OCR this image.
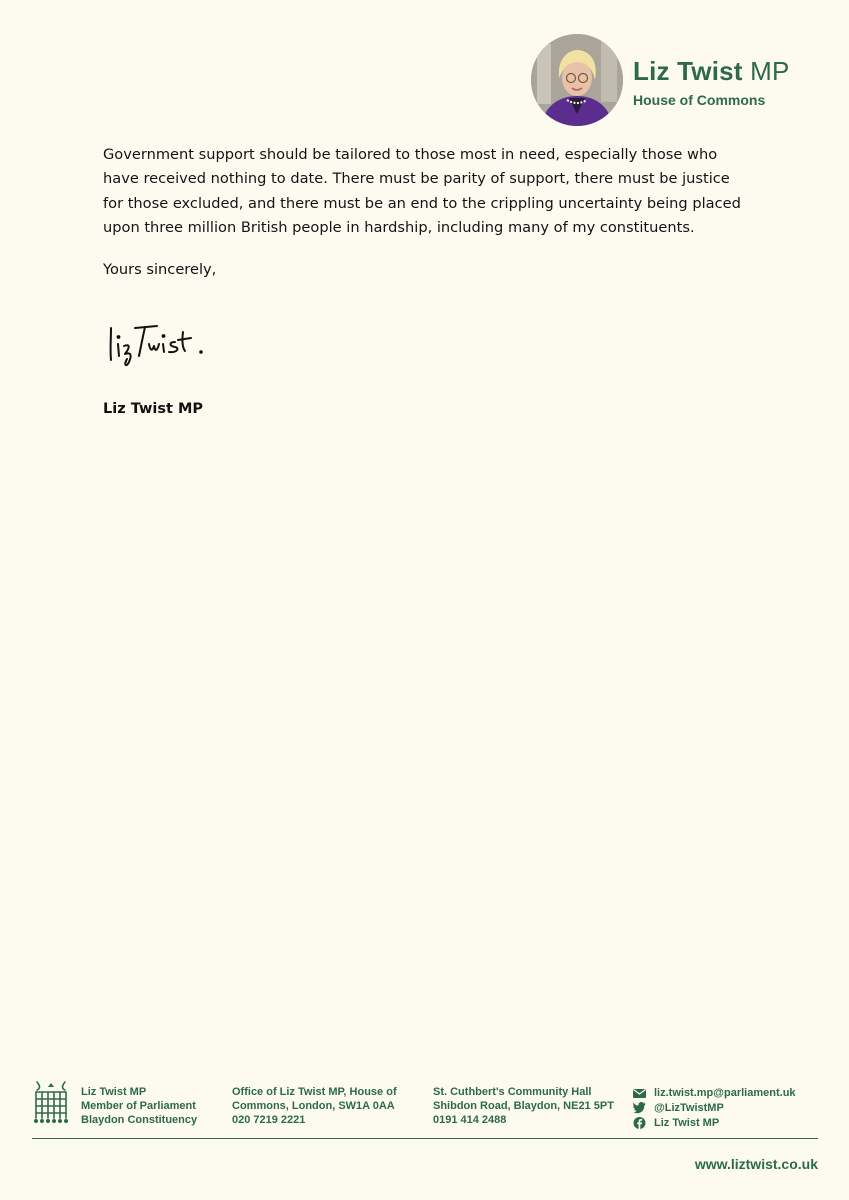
Liz Twist MP
House of Commons

Government support should be tailored to those most in need, especially those who have received nothing to date. There must be parity of support, there must be justice for those excluded, and there must be an end to the crippling uncertainty being placed upon three million British people in hardship, including many of my constituents.

Yours sincerely,
Liz Twist MP
Liz Twist MP
Member of Parliament
Blaydon Constituency
Office of Liz Twist MP, House of
Commons, London, SW1A 0AA
020 7219 2221
St. Cuthbert's Community Hall
Shibdon Road, Blaydon, NE21 5PT
0191 414 2488
liz.twist.mp@parliament.uk
@LizTwistMP
Liz Twist MP
www.liztwist.co.uk
